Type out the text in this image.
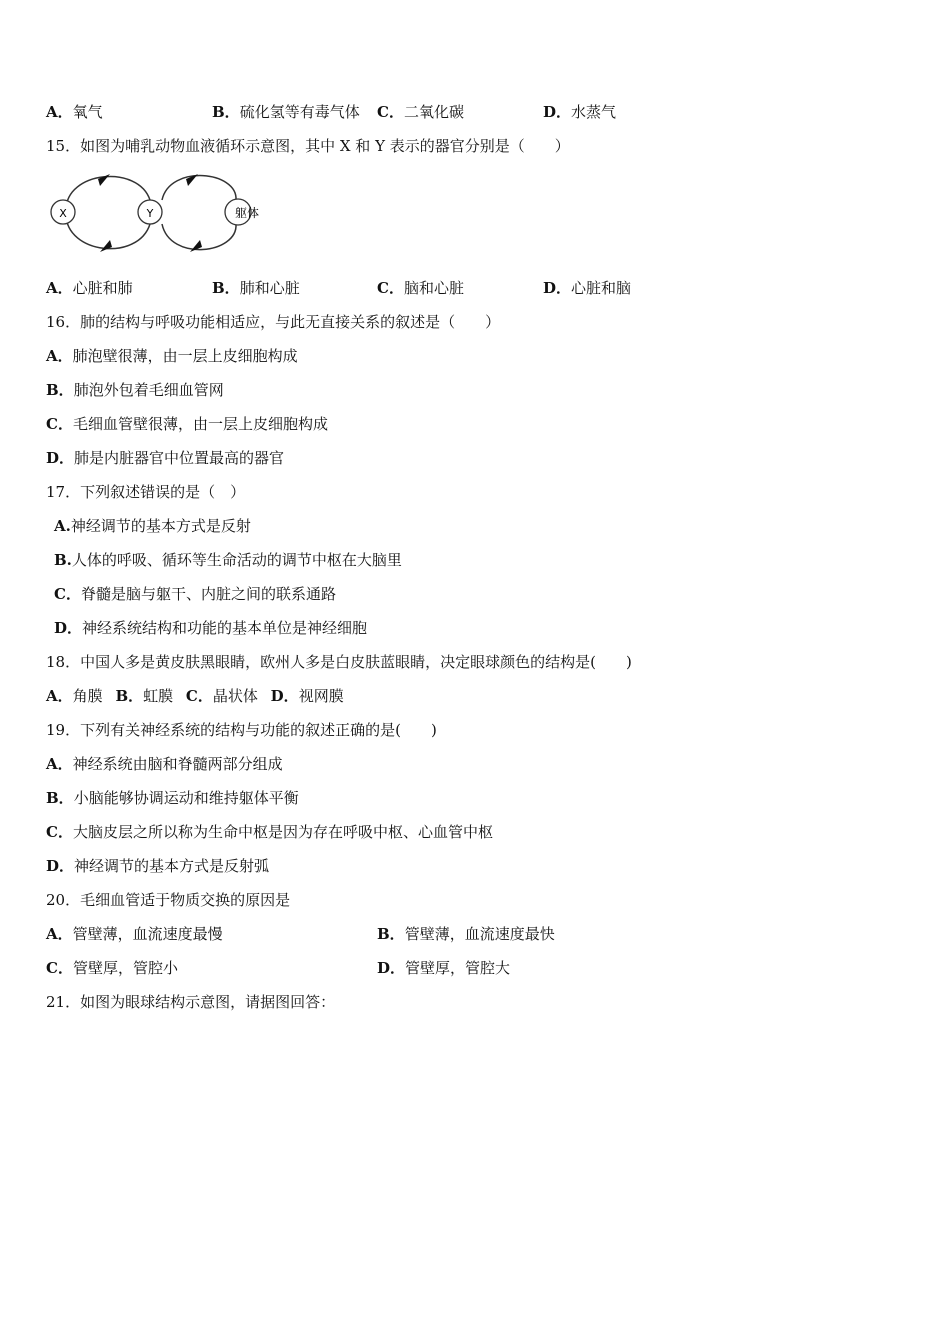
A．氧气	B．硫化氢等有毒气体 C．二氧化碳	D．水蒸气
15．如图为哺乳动物血液循环示意图，其中 X 和 Y 表示的器官分别是（　　）
X	Y	躯体
A．心脏和肺	B．肺和心脏	C．脑和心脏	D．心脏和脑
16．肺的结构与呼吸功能相适应，与此无直接关系的叙述是（　　）
A．肺泡壁很薄，由一层上皮细胞构成
B．肺泡外包着毛细血管网
C．毛细血管壁很薄，由一层上皮细胞构成
D．肺是内脏器官中位置最高的器官
17．下列叙述错误的是（　）
A.神经调节的基本方式是反射
B.人体的呼吸、循环等生命活动的调节中枢在大脑里
C．脊髓是脑与躯干、内脏之间的联系通路
D．神经系统结构和功能的基本单位是神经细胞
18．中国人多是黄皮肤黑眼睛，欧州人多是白皮肤蓝眼睛，决定眼球颜色的结构是(　　)
A．角膜 B．虹膜 C．晶状体 D．视网膜
19．下列有关神经系统的结构与功能的叙述正确的是(　　)
A．神经系统由脑和脊髓两部分组成
B．小脑能够协调运动和维持躯体平衡
C．大脑皮层之所以称为生命中枢是因为存在呼吸中枢、心血管中枢
D．神经调节的基本方式是反射弧
20．毛细血管适于物质交换的原因是
A．管壁薄，血流速度最慢	B．管壁薄，血流速度最快
C．管壁厚，管腔小	D．管壁厚，管腔大
21．如图为眼球结构示意图，请据图回答：
